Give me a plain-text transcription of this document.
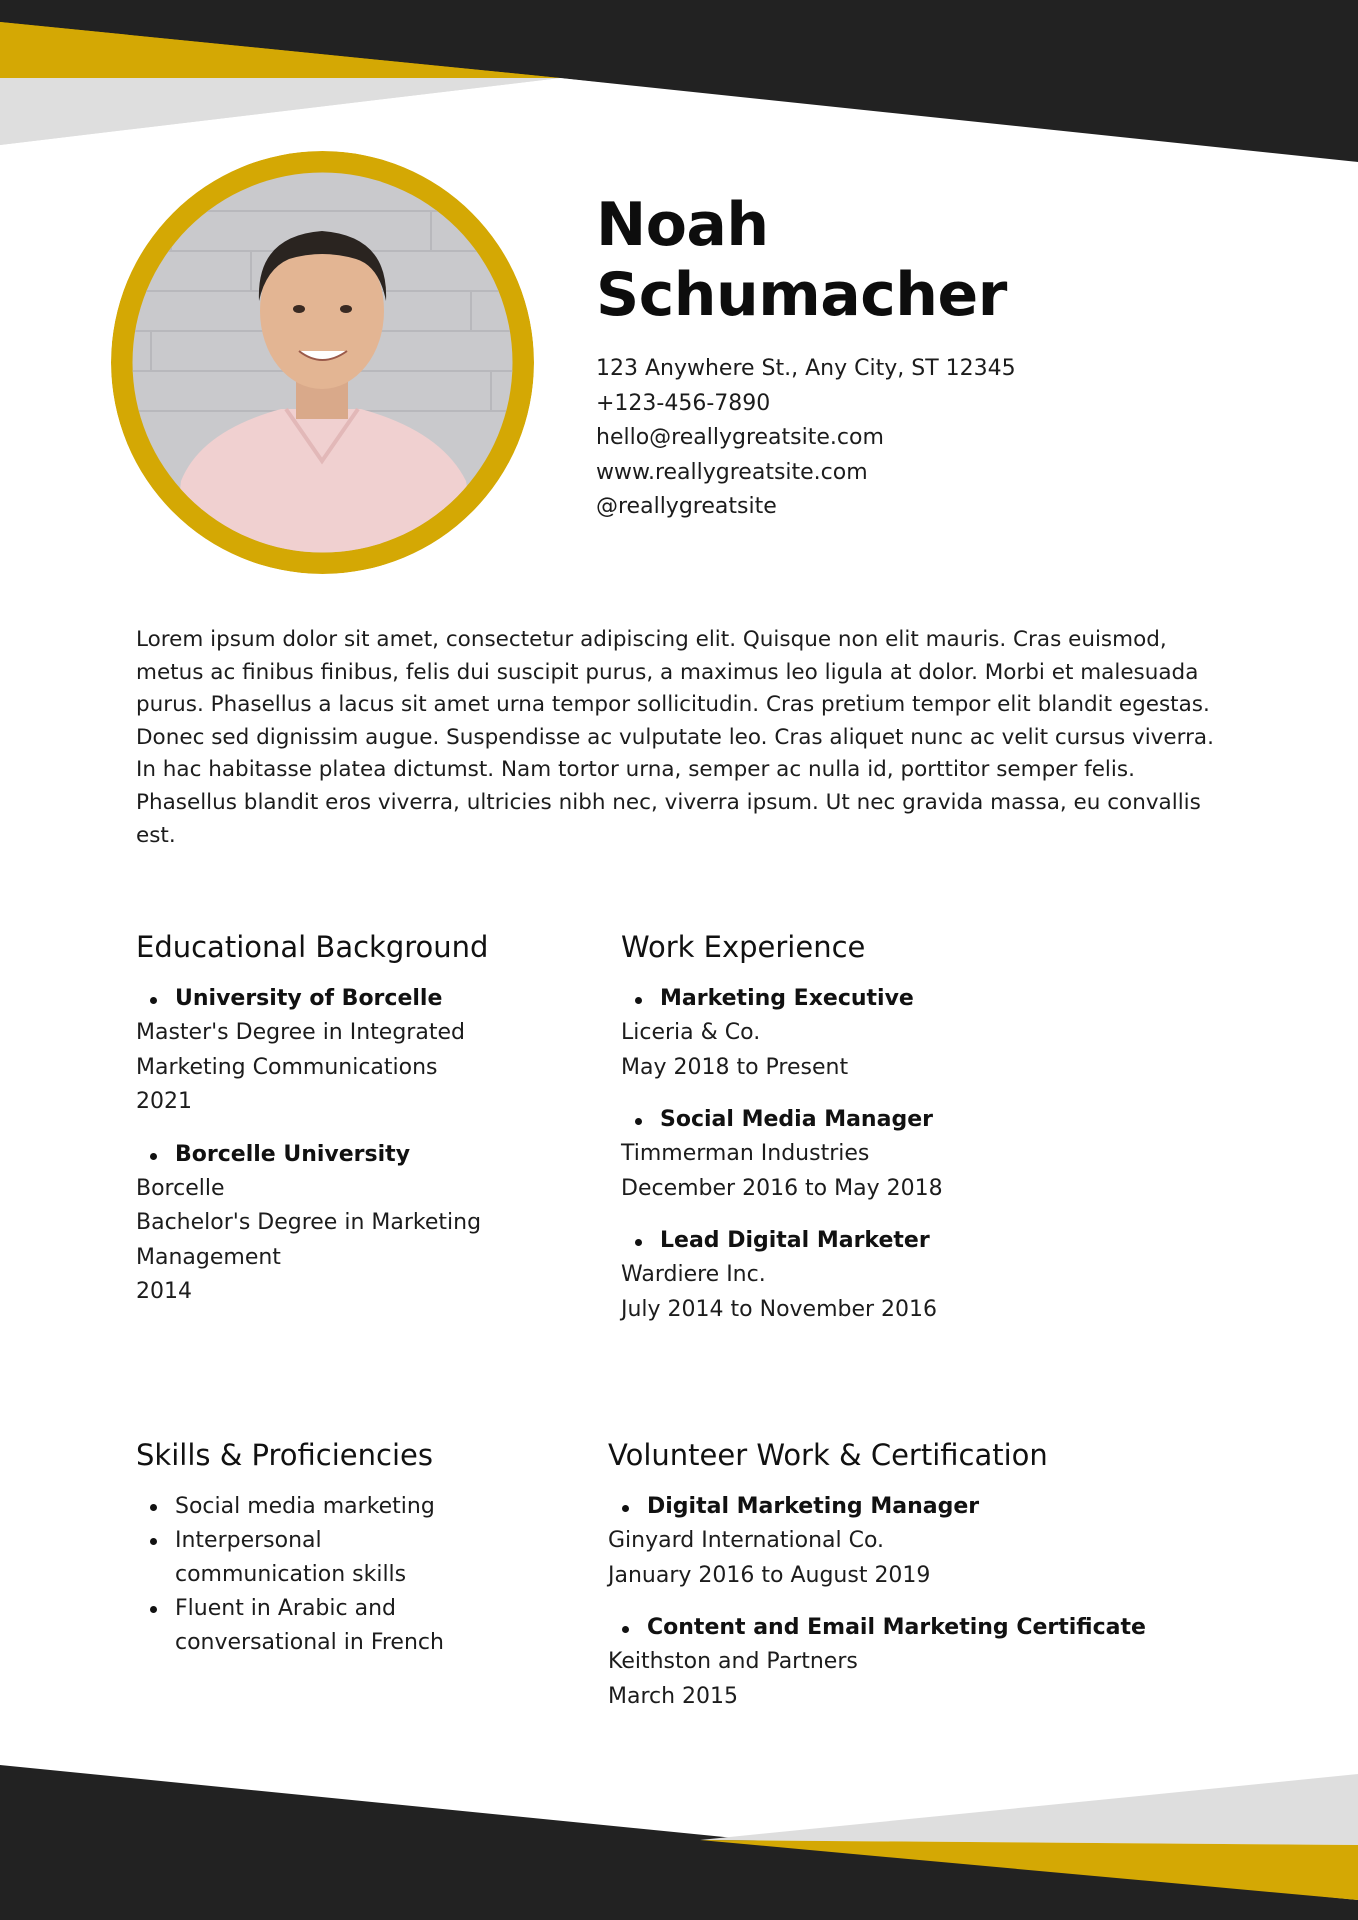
Noah
Schumacher
123 Anywhere St., Any City, ST 12345
+123-456-7890
hello@reallygreatsite.com
www.reallygreatsite.com
@reallygreatsite

Lorem ipsum dolor sit amet, consectetur adipiscing elit. Quisque non elit mauris. Cras euismod, metus ac finibus finibus, felis dui suscipit purus, a maximus leo ligula at dolor. Morbi et malesuada purus. Phasellus a lacus sit amet urna tempor sollicitudin. Cras pretium tempor elit blandit egestas. Donec sed dignissim augue. Suspendisse ac vulputate leo. Cras aliquet nunc ac velit cursus viverra. In hac habitasse platea dictumst. Nam tortor urna, semper ac nulla id, porttitor semper felis. Phasellus blandit eros viverra, ultricies nibh nec, viverra ipsum. Ut nec gravida massa, eu convallis est.

Educational Background

University of Borcelle

Master's Degree in Integrated

Marketing Communications

2021

Borcelle University

Borcelle

Bachelor's Degree in Marketing

Management

2014

Work Experience

Marketing Executive

Liceria & Co.

May 2018 to Present

Social Media Manager

Timmerman Industries

December 2016 to May 2018

Lead Digital Marketer

Wardiere Inc.

July 2014 to November 2016

Skills & Proficiencies
Social media marketing
Interpersonal
communication skills
Fluent in Arabic and
conversational in French
Volunteer Work & Certification

Digital Marketing Manager

Ginyard International Co.

January 2016 to August 2019

Content and Email Marketing Certificate

Keithston and Partners

March 2015
